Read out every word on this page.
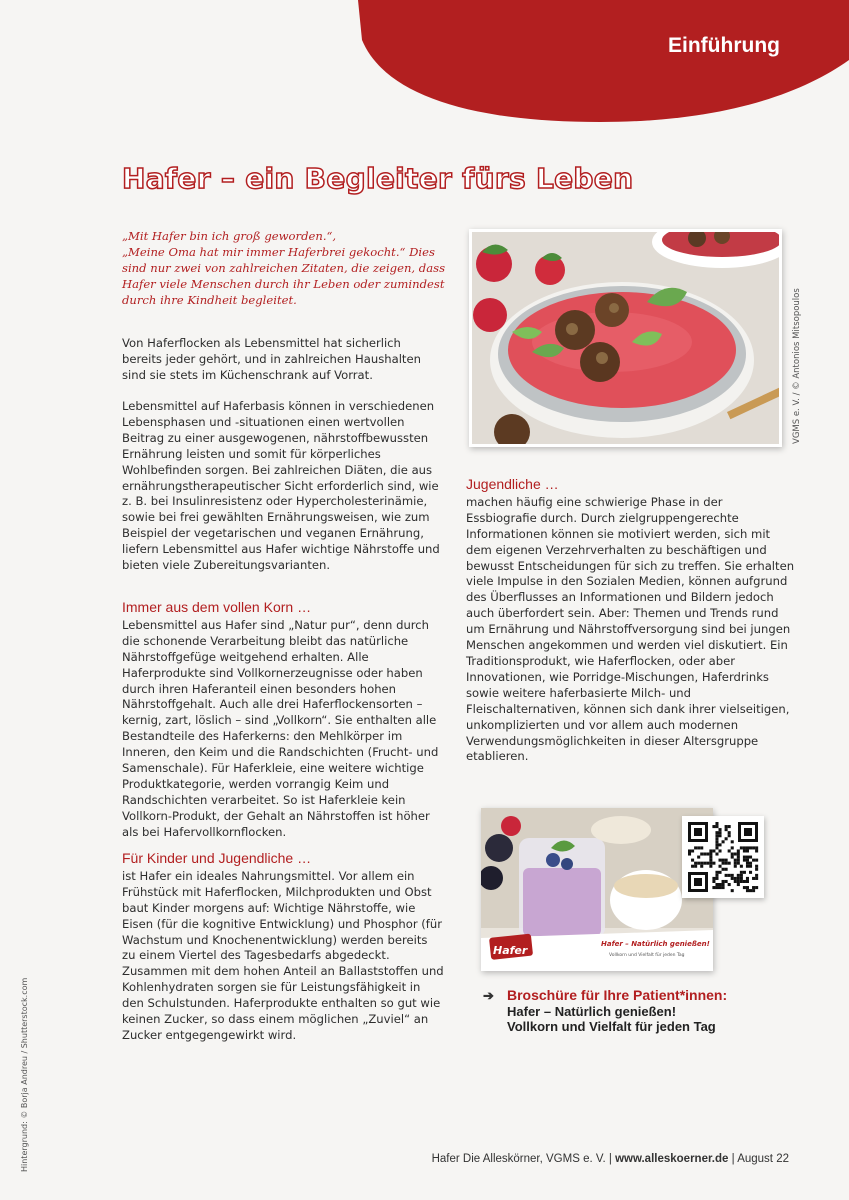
Einführung
Hafer – ein Begleiter fürs Leben

„Mit Hafer bin ich groß geworden.“,

„Meine Oma hat mir immer Haferbrei gekocht.“ Dies sind nur zwei von zahlreichen Zitaten, die zeigen, dass Hafer viele Menschen durch ihr Leben oder zumindest durch ihre Kindheit begleitet.

Von Haferflocken als Lebensmittel hat sicherlich bereits jeder gehört, und in zahlreichen Haushalten sind sie stets im Küchenschrank auf Vorrat.

Lebensmittel auf Haferbasis können in verschiedenen Lebensphasen und -situationen einen wertvollen Beitrag zu einer ausgewogenen, nährstoffbewussten Ernährung leisten und somit für körperliches Wohlbefinden sorgen. Bei zahlreichen Diäten, die aus ernährungstherapeutischer Sicht erforderlich sind, wie z. B. bei Insulinresistenz oder Hypercholesterinämie, sowie bei frei gewählten Ernährungsweisen, wie zum Beispiel der vegetarischen und veganen Ernährung, liefern Lebensmittel aus Hafer wichtige Nährstoffe und bieten viele Zubereitungsvarianten.

Immer aus dem vollen Korn …

Lebensmittel aus Hafer sind „Natur pur“, denn durch die schonende Verarbeitung bleibt das natürliche Nährstoffgefüge weitgehend erhalten. Alle Haferprodukte sind Vollkornerzeugnisse oder haben durch ihren Haferanteil einen besonders hohen Nährstoffgehalt. Auch alle drei Haferflockensorten – kernig, zart, löslich – sind „Vollkorn“. Sie enthalten alle Bestandteile des Haferkerns: den Mehlkörper im Inneren, den Keim und die Randschichten (Frucht- und Samenschale). Für Haferkleie, eine weitere wichtige Produktkategorie, werden vorrangig Keim und Randschichten verarbeitet. So ist Haferkleie kein Vollkorn-Produkt, der Gehalt an Nährstoffen ist höher als bei Hafervollkornflocken.

Für Kinder und Jugendliche …

ist Hafer ein ideales Nahrungsmittel. Vor allem ein Frühstück mit Haferflocken, Milchprodukten und Obst baut Kinder morgens auf: Wichtige Nährstoffe, wie Eisen (für die kognitive Entwicklung) und Phosphor (für Wachstum und Knochenentwicklung) werden bereits zu einem Viertel des Tagesbedarfs abgedeckt. Zusammen mit dem hohen Anteil an Ballaststoffen und Kohlenhydraten sorgen sie für Leistungsfähigkeit in den Schulstunden. Haferprodukte enthalten so gut wie keinen Zucker, so dass einem möglichen „Zuviel“ an Zucker entgegengewirkt wird.

VGMS e. V. / © Antonios Mitsopoulos
Jugendliche …

machen häufig eine schwierige Phase in der Essbiografie durch. Durch zielgruppengerechte Informationen können sie motiviert werden, sich mit dem eigenen Verzehrverhalten zu beschäftigen und bewusst Entscheidungen für sich zu treffen. Sie erhalten viele Impulse in den Sozialen Medien, können aufgrund des Überflusses an Informationen und Bildern jedoch auch überfordert sein. Aber: Themen und Trends rund um Ernährung und Nährstoffversorgung sind bei jungen Menschen angekommen und werden viel diskutiert. Ein Traditionsprodukt, wie Haferflocken, oder aber Innovationen, wie Porridge-Mischungen, Haferdrinks sowie weitere haferbasierte Milch- und Fleischalternativen, können sich dank ihrer vielseitigen, unkomplizierten und vor allem auch modernen Verwendungsmöglichkeiten in dieser Altersgruppe etablieren.

Hafer	Hafer – Natürlich genießen!
Vollkorn und Vielfalt für jeden Tag
➔ Broschüre für Ihre Patient*innen:
Hafer – Natürlich genießen!
Vollkorn und Vielfalt für jeden Tag
Hintergrund: © Borja Andreu / Shutterstock.com	Hafer Die Alleskörner, VGMS e. V. | www.alleskoerner.de | August 22
